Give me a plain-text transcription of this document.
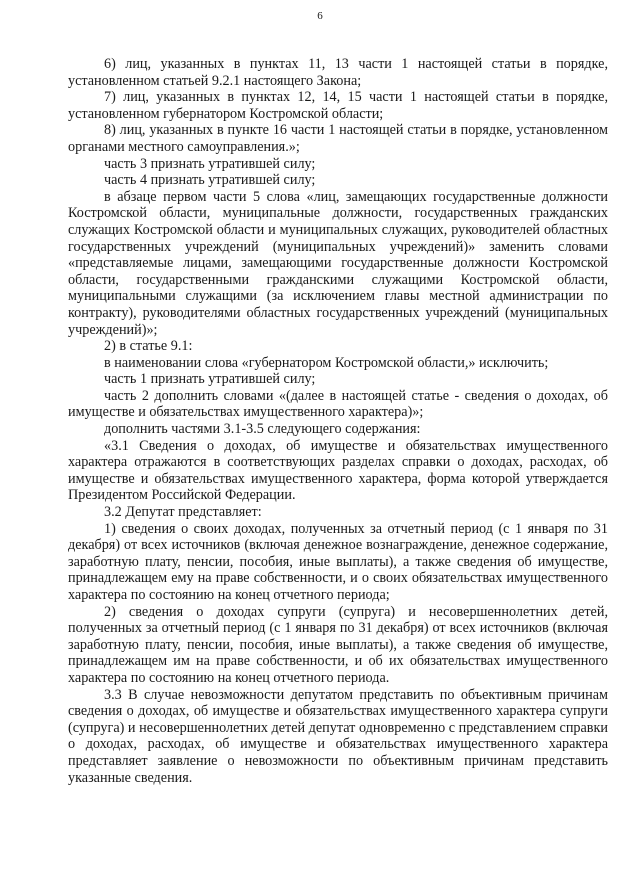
6

6) лиц, указанных в пунктах 11, 13 части 1 настоящей статьи в порядке, установленном статьей 9.2.1 настоящего Закона;

7) лиц, указанных в пунктах 12, 14, 15 части 1 настоящей статьи в порядке, установленном губернатором Костромской области;

8) лиц, указанных в пункте 16 части 1 настоящей статьи в порядке, установленном органами местного самоуправления.»;

часть 3 признать утратившей силу;

часть 4 признать утратившей силу;

в абзаце первом части 5 слова «лиц, замещающих государственные должности Костромской области, муниципальные должности, государственных гражданских служащих Костромской области и муниципальных служащих, руководителей областных государственных учреждений (муниципальных учреждений)» заменить словами «представляемые лицами, замещающими государственные должности Костромской области, государственными гражданскими служащими Костромской области, муниципальными служащими (за исключением главы местной администрации по контракту), руководителями областных государственных учреждений (муниципальных учреждений)»;

2) в статье 9.1:

в наименовании слова «губернатором Костромской области,» исключить;

часть 1 признать утратившей силу;

часть 2 дополнить словами «(далее в настоящей статье - сведения о доходах, об имуществе и обязательствах имущественного характера)»;

дополнить частями 3.1-3.5 следующего содержания:

«3.1 Сведения о доходах, об имуществе и обязательствах имущественного характера отражаются в соответствующих разделах справки о доходах, расходах, об имуществе и обязательствах имущественного характера, форма которой утверждается Президентом Российской Федерации.

3.2 Депутат представляет:

1) сведения о своих доходах, полученных за отчетный период (с 1 января по 31 декабря) от всех источников (включая денежное вознаграждение, денежное содержание, заработную плату, пенсии, пособия, иные выплаты), а также сведения об имуществе, принадлежащем ему на праве собственности, и о своих обязательствах имущественного характера по состоянию на конец отчетного периода;

2) сведения о доходах супруги (супруга) и несовершеннолетних детей, полученных за отчетный период (с 1 января по 31 декабря) от всех источников (включая заработную плату, пенсии, пособия, иные выплаты), а также сведения об имуществе, принадлежащем им на праве собственности, и об их обязательствах имущественного характера по состоянию на конец отчетного периода.

3.3 В случае невозможности депутатом представить по объективным причинам сведения о доходах, об имуществе и обязательствах имущественного характера супруги (супруга) и несовершеннолетних детей депутат одновременно с представлением справки о доходах, расходах, об имуществе и обязательствах имущественного характера представляет заявление о невозможности по объективным причинам представить указанные сведения.
